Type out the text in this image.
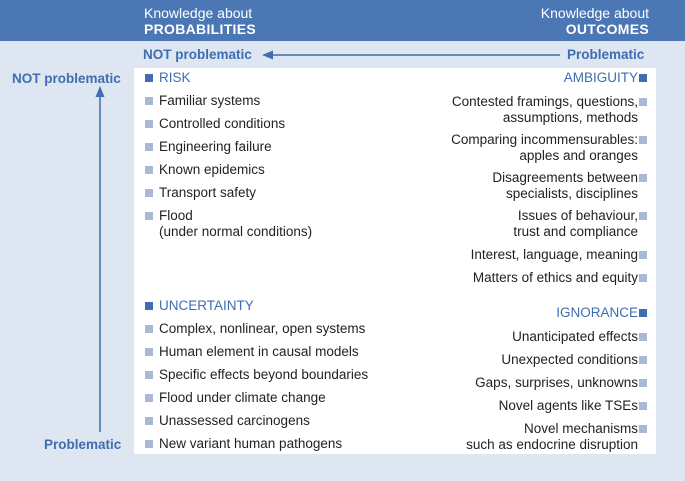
Knowledge about
PROBABILITIES
Knowledge about
OUTCOMES
NOT problematic	Problematic
NOT problematic
Problematic
RISK
Familiar systems
Controlled conditions
Engineering failure
Known epidemics
Transport safety
Flood
(under normal conditions)
UNCERTAINTY
Complex, nonlinear, open systems
Human element in causal models
Specific effects beyond boundaries
Flood under climate change
Unassessed carcinogens
New variant human pathogens
AMBIGUITY
Contested framings, questions,
assumptions, methods
Comparing incommensurables:
apples and oranges
Disagreements between
specialists, disciplines
Issues of behaviour,
trust and compliance
Interest, language, meaning
Matters of ethics and equity
IGNORANCE
Unanticipated effects
Unexpected conditions
Gaps, surprises, unknowns
Novel agents like TSEs
Novel mechanisms
such as endocrine disruption
